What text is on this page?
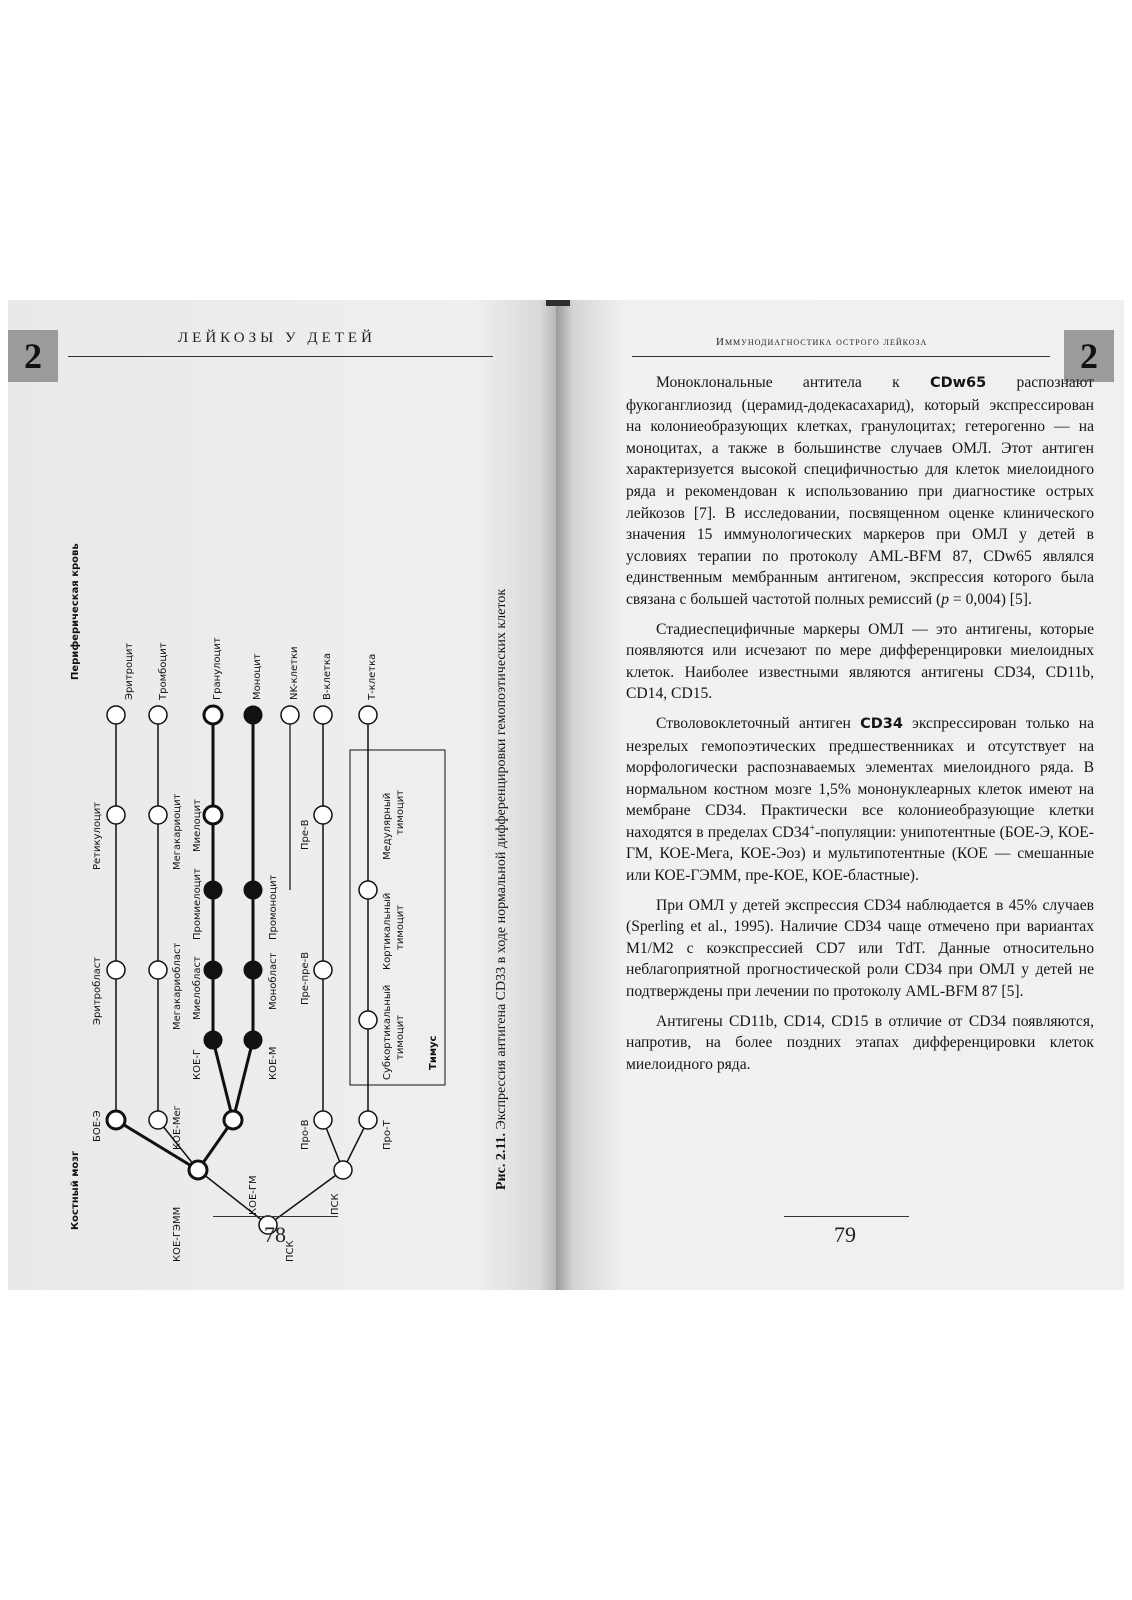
2	ЛЕЙКОЗЫ У ДЕТЕЙ
Костный мозг
Периферическая кровь
ПСК
КОЕ-ГЭММ
БОЕ-Э	КОЕ-Мег
КОЕ-ГМ
КОЕ-Г	КОЕ-М
Эритробласт	Мегакариобласт Миелобласт	Монобласт
Промиелоцит	Промоноцит
Ретикулоцит	Мегакариоцит Миелоцит
Эритроцит Тромбоцит	Гранулоцит	Моноцит	NK-клетки В-клетка	Т-клетка
Про-В
Пре-пре-В
Пре-В
ПСК
Про-Т
Субкортикальный тимоцит
Кортикальный тимоцит
Медулярный тимоцит
Тимус
Рис. 2.11. Экспрессия антигена CD33 в ходе нормальной дифференцировки гемопоэтических клеток
78
Иммунодиагностика острого лейкоза	2

Моноклональные антитела к CDw65 распознают фукоганглиозид (церамид-додекасахарид), который экспрессирован на колониеобразующих клетках, гранулоцитах; гетерогенно — на моноцитах, а также в большинстве случаев ОМЛ. Этот антиген характеризуется высокой специфичностью для клеток миелоидного ряда и рекомендован к использованию при диагностике острых лейкозов [7]. В исследовании, посвященном оценке клинического значения 15 иммунологических маркеров при ОМЛ у детей в условиях терапии по протоколу AML-BFM 87, CDw65 являлся единственным мембранным антигеном, экспрессия которого была связана с большей частотой полных ремиссий (p = 0,004) [5].

Стадиеспецифичные маркеры ОМЛ — это антигены, которые появляются или исчезают по мере дифференцировки миелоидных клеток. Наиболее известными являются антигены CD34, CD11b, CD14, CD15.

Стволовоклеточный антиген CD34 экспрессирован только на незрелых гемопоэтических предшественниках и отсутствует на морфологически распознаваемых элементах миелоидного ряда. В нормальном костном мозге 1,5% мононуклеарных клеток имеют на мембране CD34. Практически все колониеобразующие клетки находятся в пределах CD34+-популяции: унипотентные (БОЕ-Э, КОЕ-ГМ, КОЕ-Мега, КОЕ-Эоз) и мультипотентные (КОЕ — смешанные или КОЕ-ГЭММ, пре-КОЕ, КОЕ-бластные).

При ОМЛ у детей экспрессия CD34 наблюдается в 45% случаев (Sperling et al., 1995). Наличие CD34 чаще отмечено при вариантах M1/M2 с коэкспрессией CD7 или TdT. Данные относительно неблагоприятной прогностической роли CD34 при ОМЛ у детей не подтверждены при лечении по протоколу AML-BFM 87 [5].

Антигены CD11b, CD14, CD15 в отличие от CD34 появляются, напротив, на более поздних этапах дифференцировки клеток миелоидного ряда.

79
